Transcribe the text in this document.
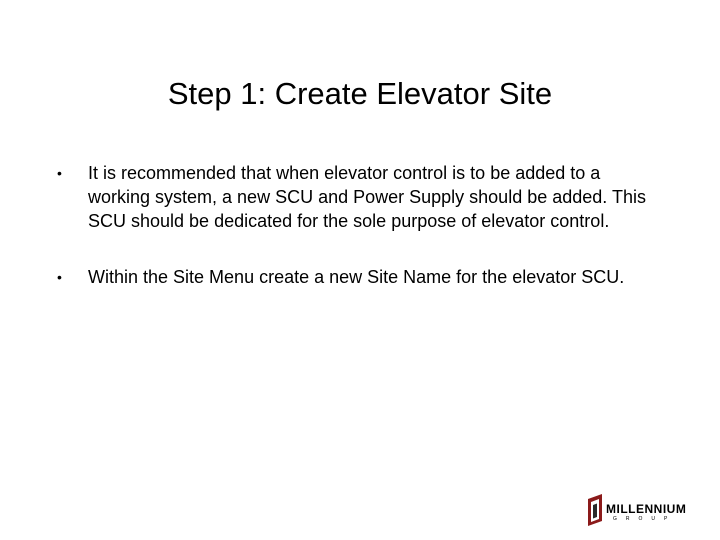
Step 1: Create Elevator Site
• It is recommended that when elevator control is to be added to a working system, a new SCU and Power Supply should be added. This SCU should be dedicated for the sole purpose of elevator control.
• Within the Site Menu create a new Site Name for the elevator SCU.
MILLENNIUM
GROUP
